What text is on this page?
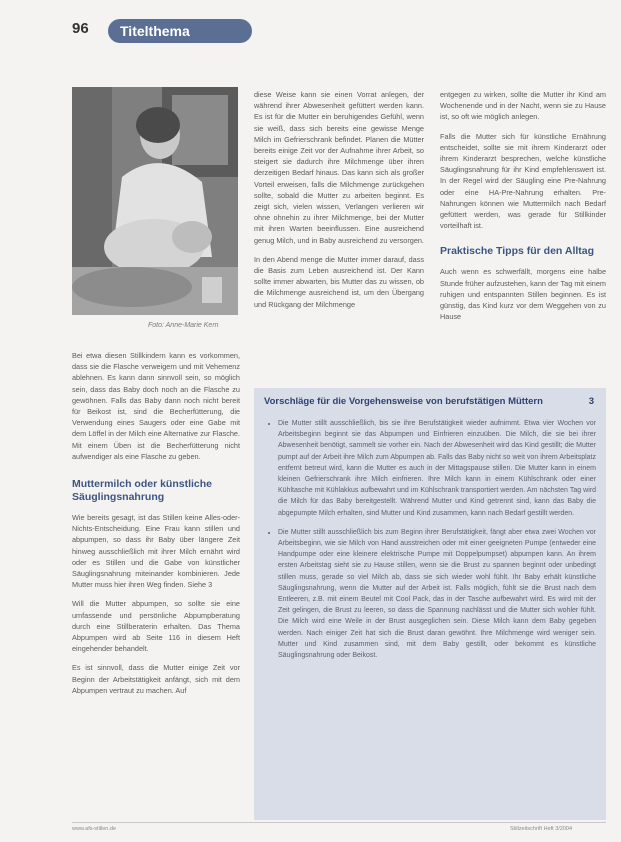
96	Titelthema
Foto: Anne-Marie Kern

Bei etwa diesen Stillkindern kann es vorkommen, dass sie die Flasche verweigern und mit Vehemenz ablehnen. Es kann dann sinnvoll sein, so möglich sein, dass das Baby doch noch an die Flasche zu gewöhnen. Falls das Baby dann noch nicht bereit für Beikost ist, sind die Becherfütterung, die Verwendung eines Saugers oder eine Gabe mit dem Löffel in der Milch eine Alternative zur Flasche. Mit einem Üben ist die Becherfütterung nicht aufwendiger als eine Flasche zu geben.

Muttermilch oder künstliche Säuglingsnahrung

Wie bereits gesagt, ist das Stillen keine Alles-oder-Nichts-Entscheidung. Eine Frau kann stillen und abpumpen, so dass ihr Baby über längere Zeit hinweg ausschließlich mit ihrer Milch ernährt wird oder es Stillen und die Gabe von künstlicher Säuglingsnahrung miteinander kombinieren. Jede Mutter muss hier ihren Weg finden. Siehe 3

Will die Mutter abpumpen, so sollte sie eine umfassende und persönliche Abpumpberatung durch eine Stillberaterin erhalten. Das Thema Abpumpen wird ab Seite 116 in diesem Heft eingehender behandelt.

Es ist sinnvoll, dass die Mutter einige Zeit vor Beginn der Arbeitstätigkeit anfängt, sich mit dem Abpumpen vertraut zu machen. Auf

diese Weise kann sie einen Vorrat anlegen, der während ihrer Abwesenheit gefüttert werden kann. Es ist für die Mutter ein beruhigendes Gefühl, wenn sie weiß, dass sich bereits eine gewisse Menge Milch im Gefrierschrank befindet. Planen die Mütter bereits einige Zeit vor der Aufnahme ihrer Arbeit, so steigert sie dadurch ihre Milchmenge über ihren derzeitigen Bedarf hinaus. Das kann sich als großer Vorteil erweisen, falls die Milchmenge zurückgehen sollte, sobald die Mutter zu arbeiten beginnt. Es zeigt sich, vielen wissen, Verlangen verlieren wir ohne ohnehin zu ihrer Milchmenge, bei der Mutter mit ihren Warten beeinflussen. Eine ausreichend genug Milch, und in Baby ausreichend zu versorgen.

In den Abend menge die Mutter immer darauf, dass die Basis zum Leben ausreichend ist. Der Kann sollte immer abwarten, bis Mutter das zu wissen, ob die Milchmenge ausreichend ist, um den Übergang und Rückgang der Milchmenge

entgegen zu wirken, sollte die Mutter ihr Kind am Wochenende und in der Nacht, wenn sie zu Hause ist, so oft wie möglich anlegen.

Falls die Mutter sich für künstliche Ernährung entscheidet, sollte sie mit ihrem Kinderarzt oder ihrem Kinderarzt besprechen, welche künstliche Säuglingsnahrung für ihr Kind empfehlenswert ist. In der Regel wird der Säugling eine Pre-Nahrung oder eine HA-Pre-Nahrung erhalten. Pre-Nahrungen können wie Muttermilch nach Bedarf gefüttert werden, was gerade für Stillkinder vorteilhaft ist.

Praktische Tipps für den Alltag

Auch wenn es schwerfällt, morgens eine halbe Stunde früher aufzustehen, kann der Tag mit einem ruhigen und entspannten Stillen beginnen. Es ist günstig, das Kind kurz vor dem Weggehen von zu Hause

Vorschläge für die Vorgehensweise von berufstätigen Müttern	3
• Die Mutter stillt ausschließlich, bis sie ihre Berufstätigkeit wieder aufnimmt. Etwa vier Wochen vor Arbeitsbeginn beginnt sie das Abpumpen und Einfrieren einzuüben. Die Milch, die sie bei ihrer Abwesenheit benötigt, sammelt sie vorher ein. Nach der Abwesenheit wird das Kind gestillt; die Mutter pumpt auf der Arbeit ihre Milch zum Abpumpen ab. Falls das Baby nicht so weit von ihrem Arbeitsplatz entfernt betreut wird, kann die Mutter es auch in der Mittagspause stillen. Die Mutter kann in einem kleinen Gefrierschrank ihre Milch einfrieren. Ihre Milch kann in einem Kühlschrank oder einer Kühltasche mit Kühlakkus aufbewahrt und im Kühlschrank transportiert werden. Am nächsten Tag wird die Milch für das Baby bereitgestellt. Während Mutter und Kind getrennt sind, kann das Baby die abgepumpte Milch erhalten, sind Mutter und Kind zusammen, kann nach Bedarf gestillt werden.
• Die Mutter stillt ausschließlich bis zum Beginn ihrer Berufstätigkeit, fängt aber etwa zwei Wochen vor Arbeitsbeginn, wie sie Milch von Hand ausstreichen oder mit einer geeigneten Pumpe (entweder eine Handpumpe oder eine kleinere elektrische Pumpe mit Doppelpumpset) abpumpen kann. An ihrem ersten Arbeitstag sieht sie zu Hause stillen, wenn sie die Brust zu spannen beginnt oder unbedingt stillen muss, gerade so viel Milch ab, dass sie sich wieder wohl fühlt. Ihr Baby erhält künstliche Säuglingsnahrung, wenn die Mutter auf der Arbeit ist. Falls möglich, fühlt sie die Brust nach dem Entleeren, z.B. mit einem Beutel mit Cool Pack, das in der Tasche aufbewahrt wird. Es wird mit der Zeit gelingen, die Brust zu leeren, so dass die Spannung nachlässt und die Mutter sich wohler fühlt. Die Milch wird eine Weile in der Brust ausgeglichen sein. Diese Milch kann dem Baby gegeben werden. Nach einiger Zeit hat sich die Brust daran gewöhnt. Ihre Milchmenge wird weniger sein. Mutter und Kind zusammen sind, mit dem Baby gestillt, oder bekommt es künstliche Säuglingsnahrung oder Beikost.
www.afs-stillen.de	Stillzeitschrift Heft 3/2004
